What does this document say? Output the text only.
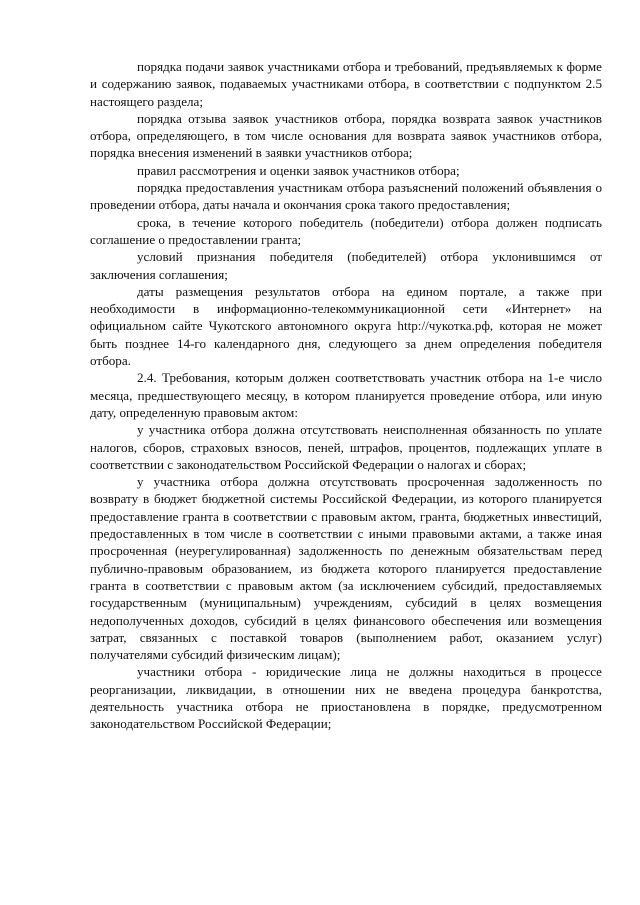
порядка подачи заявок участниками отбора и требований, предъявляемых к форме и содержанию заявок, подаваемых участниками отбора, в соответствии с подпунктом 2.5 настоящего раздела;

порядка отзыва заявок участников отбора, порядка возврата заявок участников отбора, определяющего, в том числе основания для возврата заявок участников отбора, порядка внесения изменений в заявки участников отбора;

правил рассмотрения и оценки заявок участников отбора;

порядка предоставления участникам отбора разъяснений положений объявления о проведении отбора, даты начала и окончания срока такого предоставления;

срока, в течение которого победитель (победители) отбора должен подписать соглашение о предоставлении гранта;

условий признания победителя (победителей) отбора уклонившимся от заключения соглашения;

даты размещения результатов отбора на едином портале, а также при необходимости в информационно-телекоммуникационной сети «Интернет» на официальном сайте Чукотского автономного округа http://чукотка.рф, которая не может быть позднее 14-го календарного дня, следующего за днем определения победителя отбора.

2.4. Требования, которым должен соответствовать участник отбора на 1-е число месяца, предшествующего месяцу, в котором планируется проведение отбора, или иную дату, определенную правовым актом:

у участника отбора должна отсутствовать неисполненная обязанность по уплате налогов, сборов, страховых взносов, пеней, штрафов, процентов, подлежащих уплате в соответствии с законодательством Российской Федерации о налогах и сборах;

у участника отбора должна отсутствовать просроченная задолженность по возврату в бюджет бюджетной системы Российской Федерации, из которого планируется предоставление гранта в соответствии с правовым актом, гранта, бюджетных инвестиций, предоставленных в том числе в соответствии с иными правовыми актами, а также иная просроченная (неурегулированная) задолженность по денежным обязательствам перед публично-правовым образованием, из бюджета которого планируется предоставление гранта в соответствии с правовым актом (за исключением субсидий, предоставляемых государственным (муниципальным) учреждениям, субсидий в целях возмещения недополученных доходов, субсидий в целях финансового обеспечения или возмещения затрат, связанных с поставкой товаров (выполнением работ, оказанием услуг) получателями субсидий физическим лицам);

участники отбора - юридические лица не должны находиться в процессе реорганизации, ликвидации, в отношении них не введена процедура банкротства, деятельность участника отбора не приостановлена в порядке, предусмотренном законодательством Российской Федерации;
